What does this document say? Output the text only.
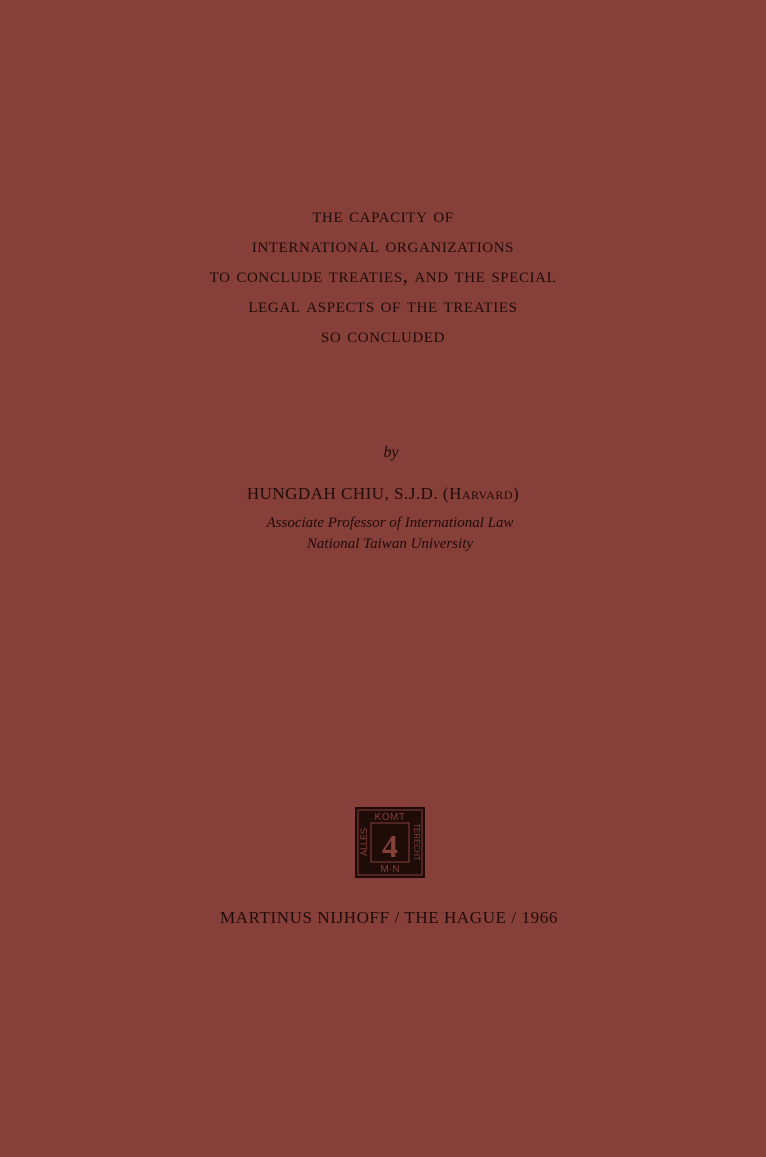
the capacity of
international organizations
to conclude treaties, and the special
legal aspects of the treaties
so concluded
by
HUNGDAH CHIU, S.J.D. (Harvard)
Associate Professor of International Law
National Taiwan University
KOMT
M·N
ALLES	TERECHT
4
MARTINUS NIJHOFF / THE HAGUE / 1966
